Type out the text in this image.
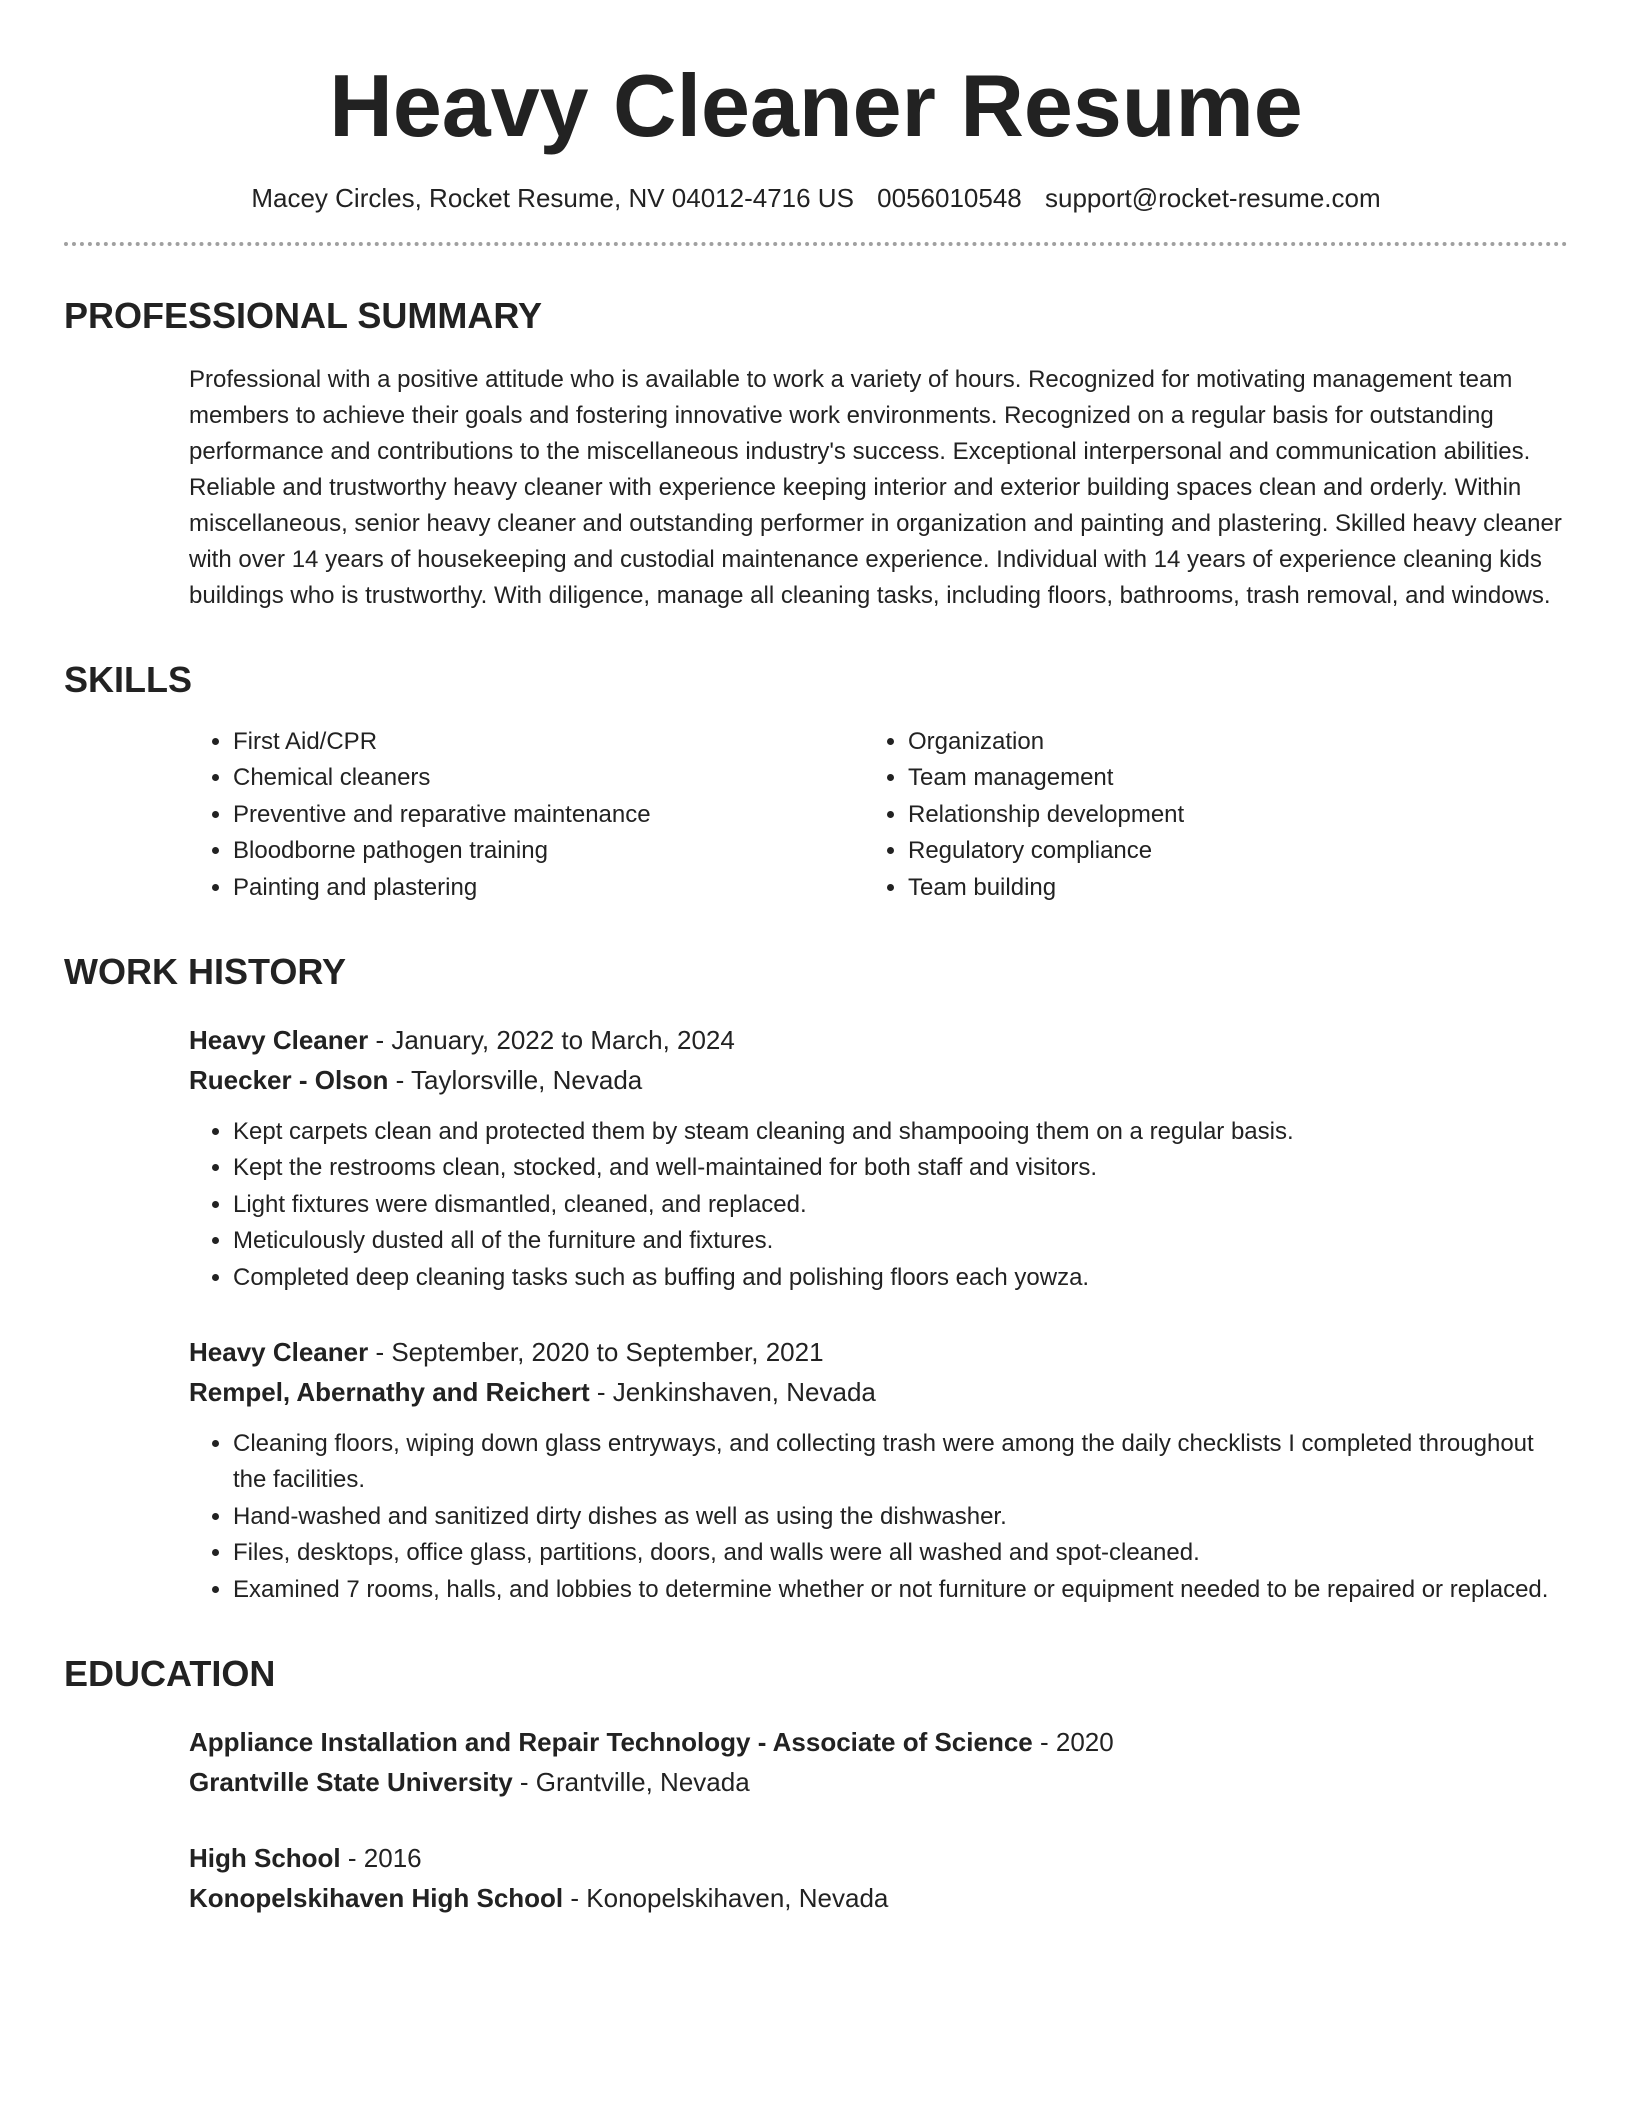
Heavy Cleaner Resume
Macey Circles, Rocket Resume, NV 04012-4716 US 0056010548 support@rocket-resume.com
PROFESSIONAL SUMMARY

Professional with a positive attitude who is available to work a variety of hours. Recognized for motivating management team members to achieve their goals and fostering innovative work environments. Recognized on a regular basis for outstanding performance and contributions to the miscellaneous industry's success. Exceptional interpersonal and communication abilities. Reliable and trustworthy heavy cleaner with experience keeping interior and exterior building spaces clean and orderly. Within miscellaneous, senior heavy cleaner and outstanding performer in organization and painting and plastering. Skilled heavy cleaner with over 14 years of housekeeping and custodial maintenance experience. Individual with 14 years of experience cleaning kids buildings who is trustworthy. With diligence, manage all cleaning tasks, including floors, bathrooms, trash removal, and windows.

SKILLS
• First Aid/CPR
• Chemical cleaners
• Preventive and reparative maintenance
• Bloodborne pathogen training
• Painting and plastering
• Organization
• Team management
• Relationship development
• Regulatory compliance
• Team building
WORK HISTORY
Heavy Cleaner - January, 2022 to March, 2024
Ruecker - Olson - Taylorsville, Nevada
• Kept carpets clean and protected them by steam cleaning and shampooing them on a regular basis.
• Kept the restrooms clean, stocked, and well-maintained for both staff and visitors.
• Light fixtures were dismantled, cleaned, and replaced.
• Meticulously dusted all of the furniture and fixtures.
• Completed deep cleaning tasks such as buffing and polishing floors each yowza.
Heavy Cleaner - September, 2020 to September, 2021
Rempel, Abernathy and Reichert - Jenkinshaven, Nevada
• Cleaning floors, wiping down glass entryways, and collecting trash were among the daily checklists I completed throughout the facilities.
• Hand-washed and sanitized dirty dishes as well as using the dishwasher.
• Files, desktops, office glass, partitions, doors, and walls were all washed and spot-cleaned.
• Examined 7 rooms, halls, and lobbies to determine whether or not furniture or equipment needed to be repaired or replaced.
EDUCATION
Appliance Installation and Repair Technology - Associate of Science - 2020
Grantville State University - Grantville, Nevada
High School - 2016
Konopelskihaven High School - Konopelskihaven, Nevada
